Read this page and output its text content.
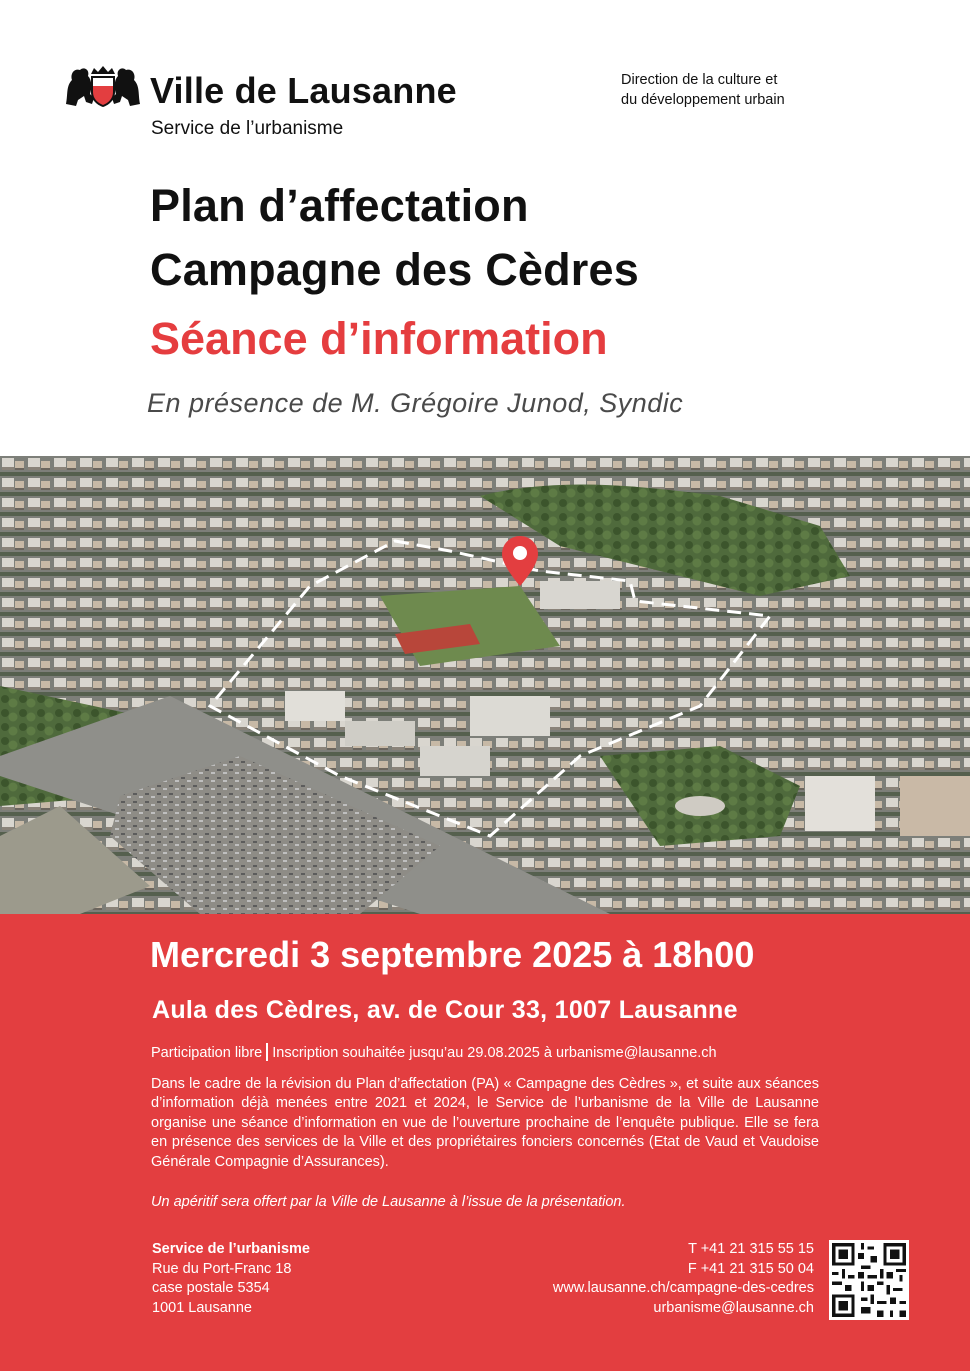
Ville de Lausanne
Service de l’urbanisme
Direction de la culture et
du développement urbain
Plan d’affectation
Campagne des Cèdres
Séance d’information
En présence de M. Grégoire Junod, Syndic
Mercredi 3 septembre 2025 à 18h00
Aula des Cèdres, av. de Cour 33, 1007 Lausanne
Participation libre Inscription souhaitée jusqu’au 29.08.2025 à urbanisme@lausanne.ch
Dans le cadre de la révision du Plan d’affectation (PA) « Campagne des Cèdres », et suite aux séances d’information déjà menées entre 2021 et 2024, le Service de l’urbanisme de la Ville de Lausanne organise une séance d’information en vue de l’ouverture prochaine de l’enquête publique. Elle se fera en présence des services de la Ville et des propriétaires fonciers concernés (Etat de Vaud et Vaudoise Générale Compagnie d’Assurances).
Un apéritif sera offert par la Ville de Lausanne à l’issue de la présentation.
Service de l’urbanisme
Rue du Port-Franc 18
case postale 5354
1001 Lausanne
T +41 21 315 55 15
F +41 21 315 50 04
www.lausanne.ch/campagne-des-cedres
urbanisme@lausanne.ch
